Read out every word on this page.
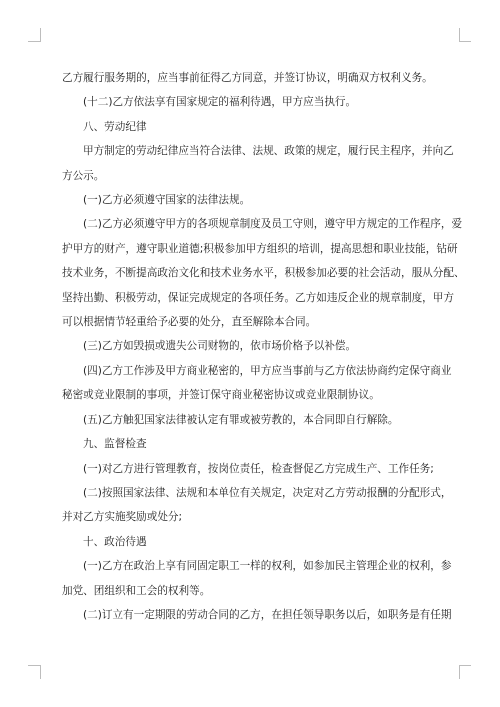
乙方履行服务期的，应当事前征得乙方同意，并签订协议，明确双方权利义务。

(十二)乙方依法享有国家规定的福利待遇，甲方应当执行。

八、劳动纪律

甲方制定的劳动纪律应当符合法律、法规、政策的规定，履行民主程序，并向乙

方公示。

(一)乙方必须遵守国家的法律法规。

(二)乙方必须遵守甲方的各项规章制度及员工守则，遵守甲方规定的工作程序，爱

护甲方的财产，遵守职业道德;积极参加甲方组织的培训，提高思想和职业技能，钻研

技术业务，不断提高政治文化和技术业务水平，积极参加必要的社会活动，服从分配、

坚持出勤、积极劳动，保证完成规定的各项任务。乙方如违反企业的规章制度，甲方

可以根据情节轻重给予必要的处分，直至解除本合同。

(三)乙方如毁损或遗失公司财物的，依市场价格予以补偿。

(四)乙方工作涉及甲方商业秘密的，甲方应当事前与乙方依法协商约定保守商业

秘密或竞业限制的事项，并签订保守商业秘密协议或竞业限制协议。

(五)乙方触犯国家法律被认定有罪或被劳教的，本合同即自行解除。

九、监督检查

(一)对乙方进行管理教育，按岗位责任，检查督促乙方完成生产、工作任务;

(二)按照国家法律、法规和本单位有关规定，决定对乙方劳动报酬的分配形式，

并对乙方实施奖励或处分;

十、政治待遇

(一)乙方在政治上享有同固定职工一样的权利，如参加民主管理企业的权利，参

加党、团组织和工会的权利等。

(二)订立有一定期限的劳动合同的乙方，在担任领导职务以后，如职务是有任期
